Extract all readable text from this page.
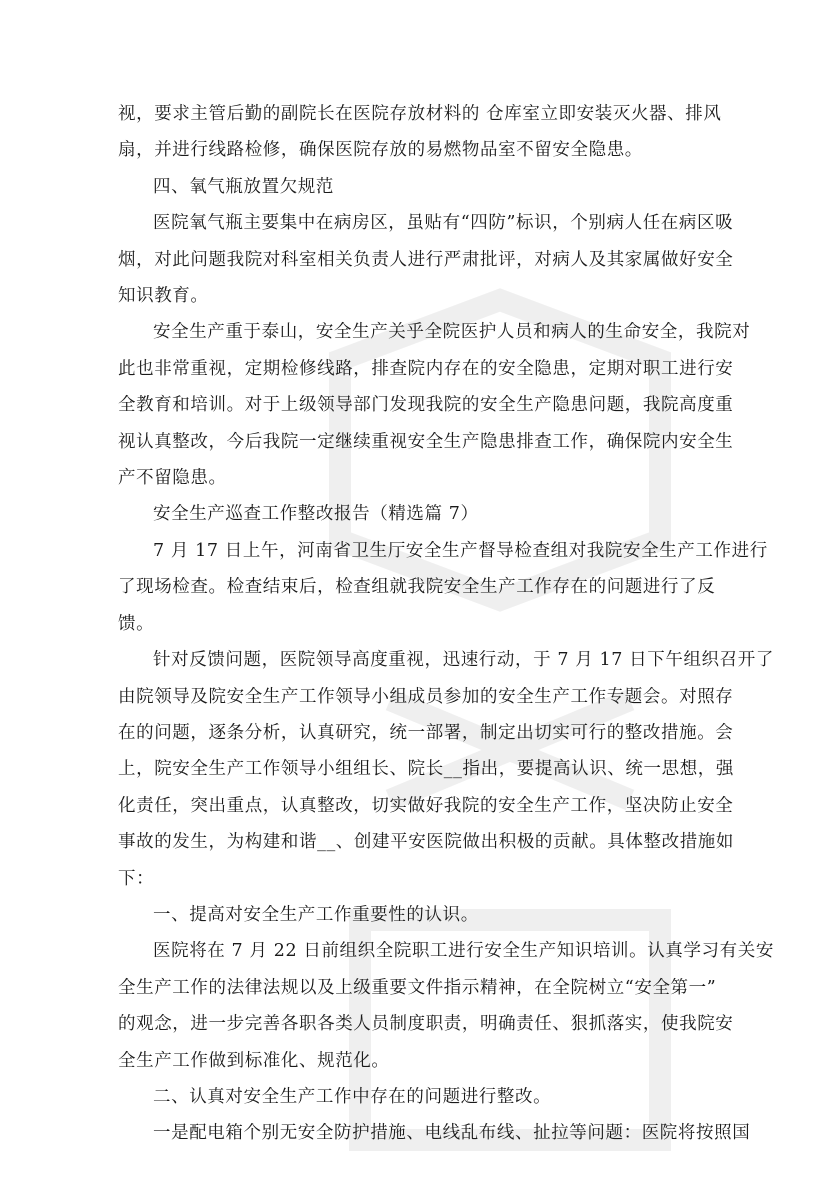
视，要求主管后勤的副院长在医院存放材料的 仓库室立即安装灭火器、排风
扇，并进行线路检修，确保医院存放的易燃物品室不留安全隐患。

四、氧气瓶放置欠规范

医院氧气瓶主要集中在病房区，虽贴有“四防”标识，个别病人任在病区吸
烟，对此问题我院对科室相关负责人进行严肃批评，对病人及其家属做好安全
知识教育。

安全生产重于泰山，安全生产关乎全院医护人员和病人的生命安全，我院对
此也非常重视，定期检修线路，排查院内存在的安全隐患，定期对职工进行安
全教育和培训。对于上级领导部门发现我院的安全生产隐患问题，我院高度重
视认真整改，今后我院一定继续重视安全生产隐患排查工作，确保院内安全生
产不留隐患。

安全生产巡查工作整改报告（精选篇 7）

7 月 17 日上午，河南省卫生厅安全生产督导检查组对我院安全生产工作进行
了现场检查。检查结束后，检查组就我院安全生产工作存在的问题进行了反
馈。

针对反馈问题，医院领导高度重视，迅速行动，于 7 月 17 日下午组织召开了
由院领导及院安全生产工作领导小组成员参加的安全生产工作专题会。对照存
在的问题，逐条分析，认真研究，统一部署，制定出切实可行的整改措施。会
上，院安全生产工作领导小组组长、院长__指出，要提高认识、统一思想，强
化责任，突出重点，认真整改，切实做好我院的安全生产工作，坚决防止安全
事故的发生，为构建和谐__、创建平安医院做出积极的贡献。具体整改措施如
下：

一、提高对安全生产工作重要性的认识。

医院将在 7 月 22 日前组织全院职工进行安全生产知识培训。认真学习有关安
全生产工作的法律法规以及上级重要文件指示精神，在全院树立“安全第一”
的观念，进一步完善各职各类人员制度职责，明确责任、狠抓落实，使我院安
全生产工作做到标准化、规范化。

二、认真对安全生产工作中存在的问题进行整改。

一是配电箱个别无安全防护措施、电线乱布线、扯拉等问题：医院将按照国
